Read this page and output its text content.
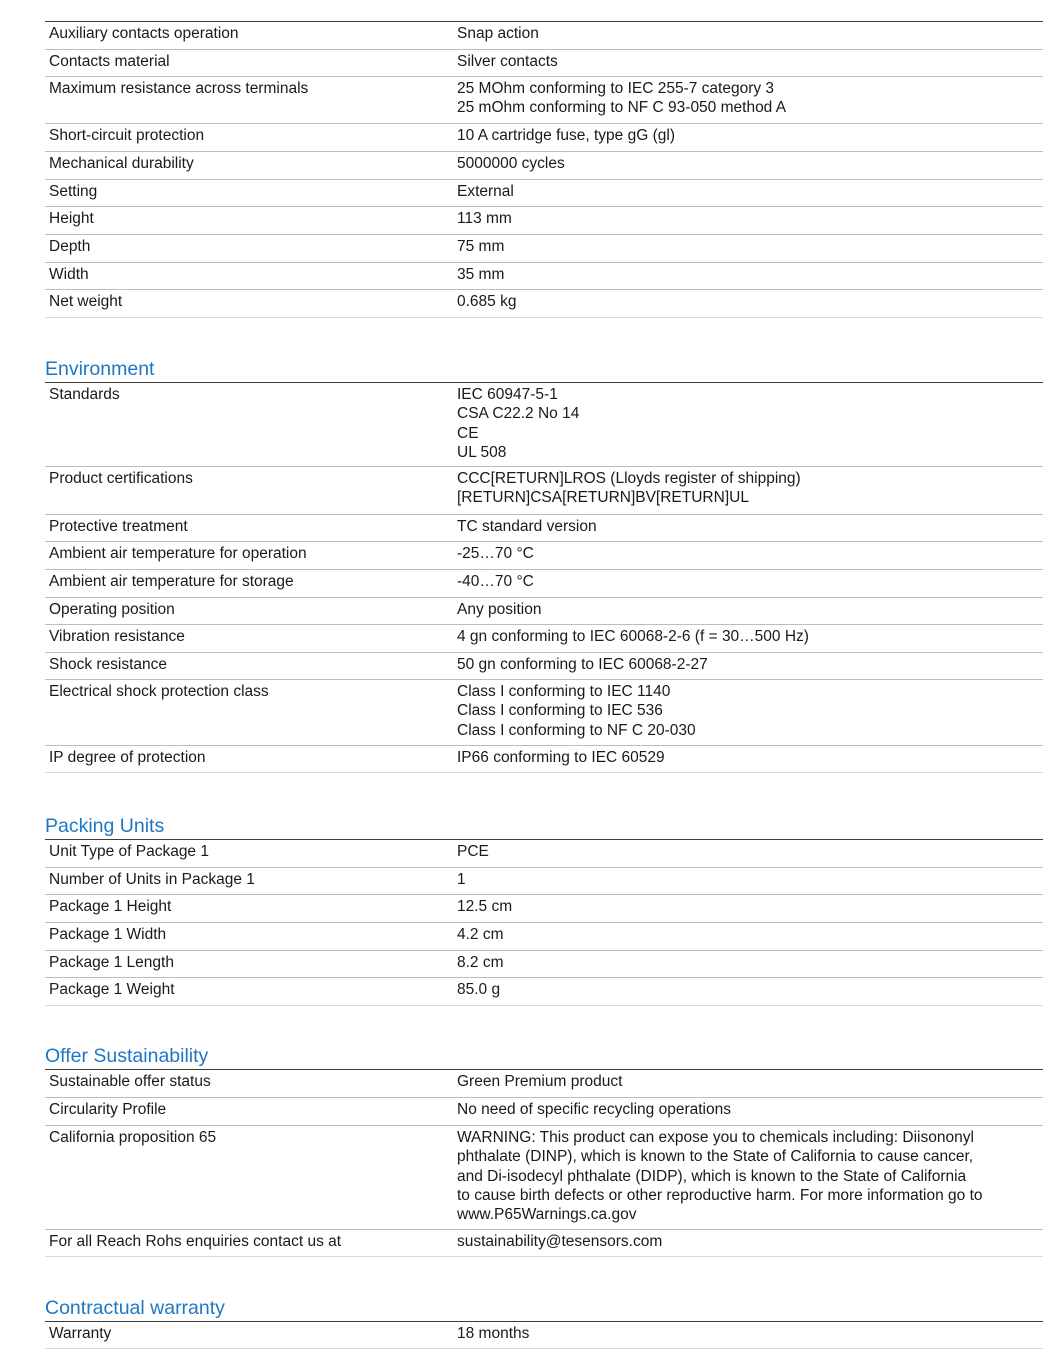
Auxiliary contacts operation	Snap action
Contacts material	Silver contacts
Maximum resistance across terminals	25 MOhm conforming to IEC 255-7 category 3
25 mOhm conforming to NF C 93-050 method A
Short-circuit protection	10 A cartridge fuse, type gG (gl)
Mechanical durability	5000000 cycles
Setting	External
Height	113 mm
Depth	75 mm
Width	35 mm
Net weight	0.685 kg
Environment
Standards	IEC 60947-5-1
CSA C22.2 No 14
CE
UL 508
Product certifications	CCC[RETURN]LROS (Lloyds register of shipping)
[RETURN]CSA[RETURN]BV[RETURN]UL
Protective treatment	TC standard version
Ambient air temperature for operation	-25…70 °C
Ambient air temperature for storage	-40…70 °C
Operating position	Any position
Vibration resistance	4 gn conforming to IEC 60068-2-6 (f = 30…500 Hz)
Shock resistance	50 gn conforming to IEC 60068-2-27
Electrical shock protection class	Class I conforming to IEC 1140
Class I conforming to IEC 536
Class I conforming to NF C 20-030
IP degree of protection	IP66 conforming to IEC 60529
Packing Units
Unit Type of Package 1	PCE
Number of Units in Package 1	1
Package 1 Height	12.5 cm
Package 1 Width	4.2 cm
Package 1 Length	8.2 cm
Package 1 Weight	85.0 g
Offer Sustainability
Sustainable offer status	Green Premium product
Circularity Profile	No need of specific recycling operations
California proposition 65	WARNING: This product can expose you to chemicals including: Diisononyl
phthalate (DINP), which is known to the State of California to cause cancer,
and Di-isodecyl phthalate (DIDP), which is known to the State of California
to cause birth defects or other reproductive harm. For more information go to
www.P65Warnings.ca.gov
For all Reach Rohs enquiries contact us at	sustainability@tesensors.com
Contractual warranty
Warranty	18 months
